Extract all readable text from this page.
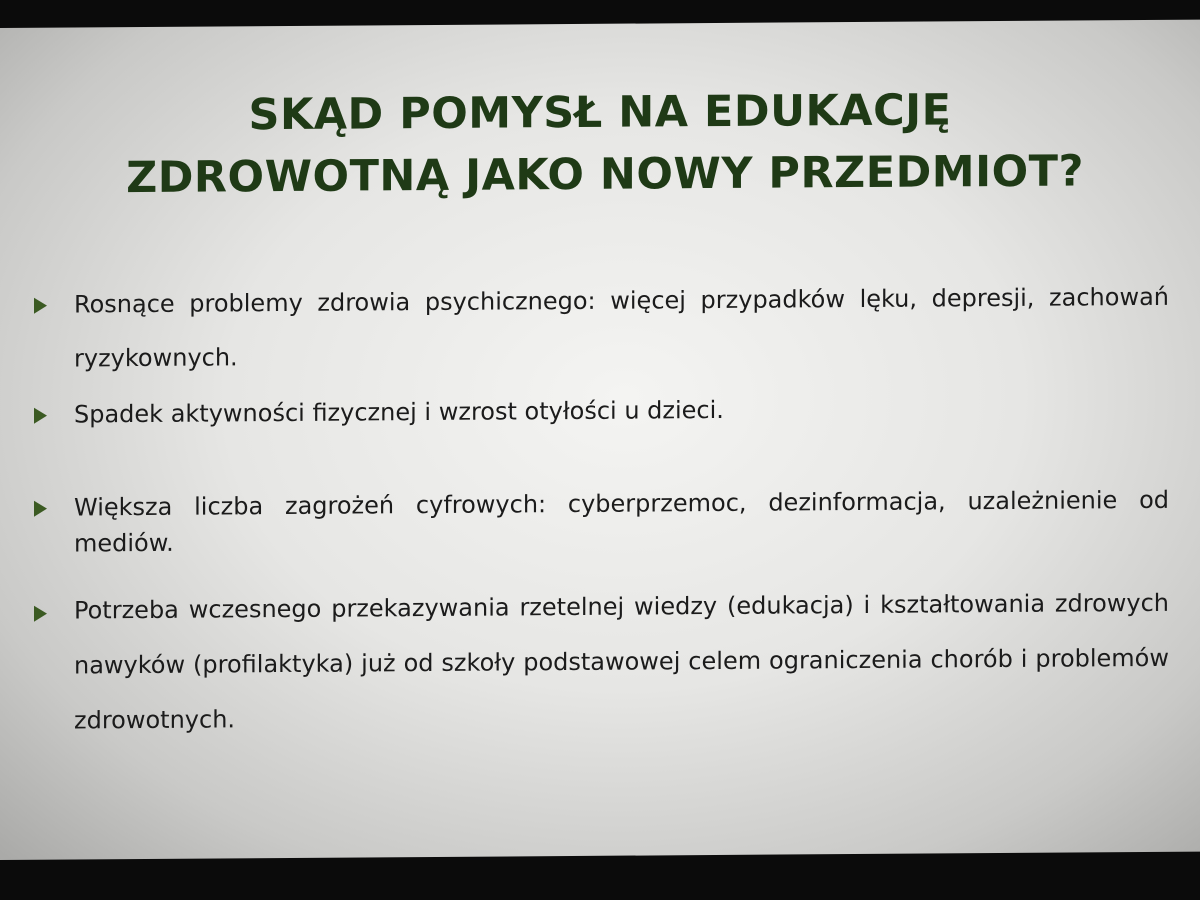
SKĄD POMYSŁ NA EDUKACJĘ
ZDROWOTNĄ JAKO NOWY PRZEDMIOT?
Rosnące problemy zdrowia psychicznego: więcej przypadków lęku, depresji, zachowań ryzykownych.
Spadek aktywności fizycznej i wzrost otyłości u dzieci.
Większa liczba zagrożeń cyfrowych: cyberprzemoc, dezinformacja, uzależnienie od mediów.
Potrzeba wczesnego przekazywania rzetelnej wiedzy (edukacja) i kształtowania zdrowych nawyków (profilaktyka) już od szkoły podstawowej celem ograniczenia chorób i problemów zdrowotnych.
